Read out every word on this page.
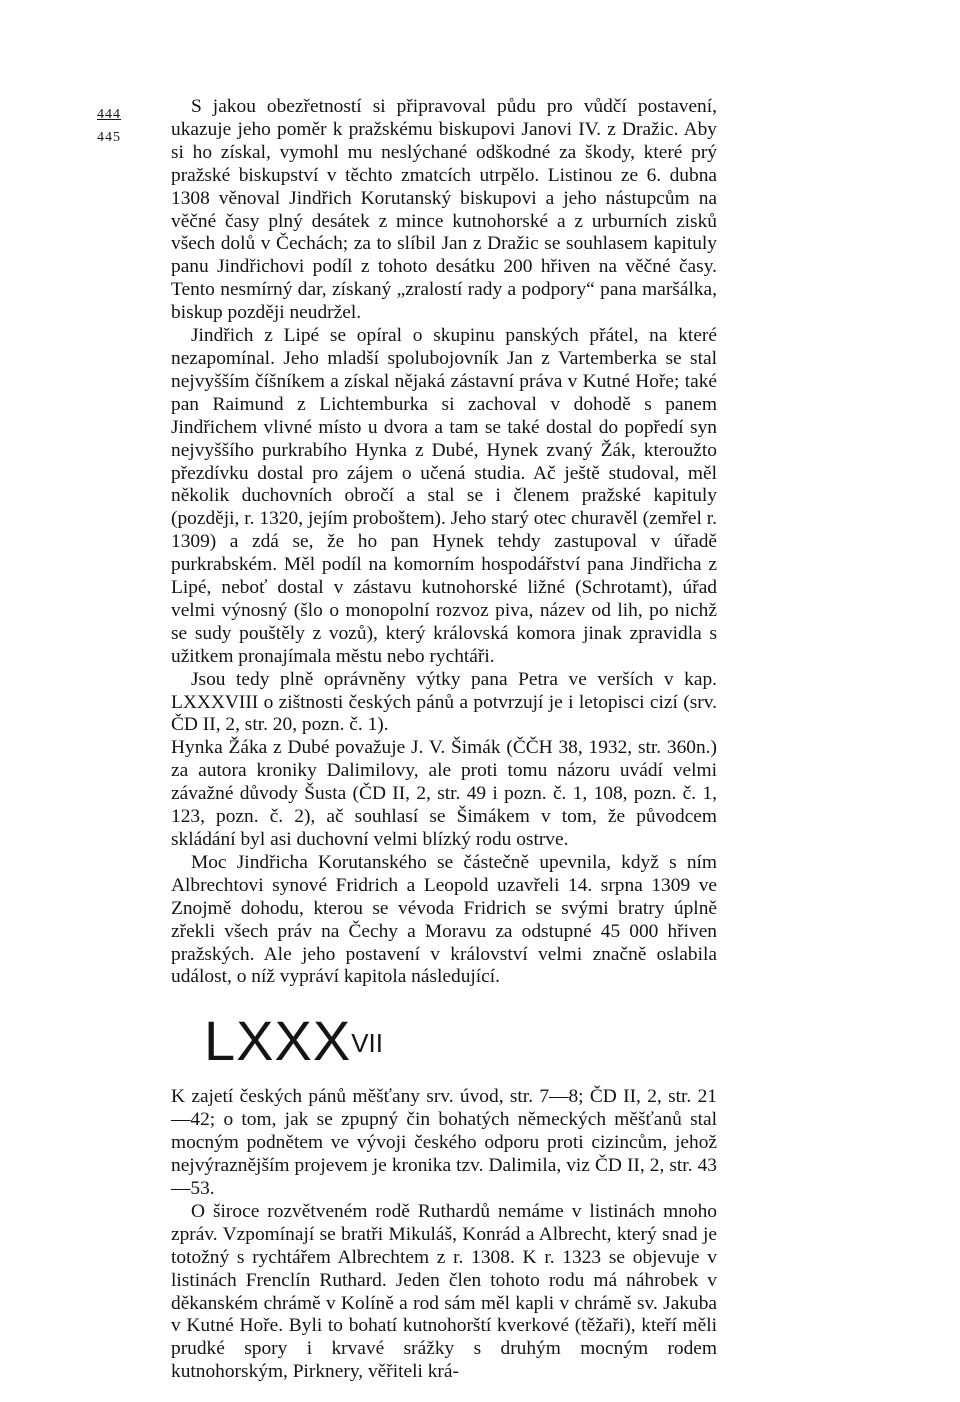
444
445

S jakou obezřetností si připravoval půdu pro vůdčí postavení, ukazuje jeho poměr k pražskému biskupovi Janovi IV. z Dražic. Aby si ho získal, vymohl mu neslýchané odškodné za škody, které prý pražské biskupství v těchto zmatcích utrpělo. Listinou ze 6. dubna 1308 věnoval Jindřich Korutanský biskupovi a jeho nástupcům na věčné časy plný desátek z mince kutnohorské a z urburních zisků všech dolů v Čechách; za to slíbil Jan z Dražic se souhlasem kapituly panu Jindřichovi podíl z tohoto desátku 200 hřiven na věčné časy. Tento nesmírný dar, získaný „zralostí rady a podpory“ pana maršálka, biskup později neudržel.

Jindřich z Lipé se opíral o skupinu panských přátel, na které nezapomínal. Jeho mladší spolubojovník Jan z Vartemberka se stal nejvyšším číšníkem a získal nějaká zástavní práva v Kutné Hoře; také pan Raimund z Lichtemburka si zachoval v dohodě s panem Jindřichem vlivné místo u dvora a tam se také dostal do popředí syn nejvyššího purkrabího Hynka z Dubé, Hynek zvaný Žák, kteroužto přezdívku dostal pro zájem o učená studia. Ač ještě studoval, měl několik duchovních obročí a stal se i členem pražské kapituly (později, r. 1320, jejím proboštem). Jeho starý otec churavěl (zemřel r. 1309) a zdá se, že ho pan Hynek tehdy zastupoval v úřadě purkrabském. Měl podíl na komorním hospodářství pana Jindřicha z Lipé, neboť dostal v zástavu kutnohorské ližné (Schrotamt), úřad velmi výnosný (šlo o monopolní rozvoz piva, název od lih, po nichž se sudy pouštěly z vozů), který královská komora jinak zpravidla s užitkem pronajímala městu nebo rychtáři.

Jsou tedy plně oprávněny výtky pana Petra ve verších v kap. LXXXVIII o zištnosti českých pánů a potvrzují je i letopisci cizí (srv. ČD II, 2, str. 20, pozn. č. 1).

Hynka Žáka z Dubé považuje J. V. Šimák (ČČH 38, 1932, str. 360n.) za autora kroniky Dalimilovy, ale proti tomu názoru uvádí velmi závažné důvody Šusta (ČD II, 2, str. 49 i pozn. č. 1, 108, pozn. č. 1, 123, pozn. č. 2), ač souhlasí se Šimákem v tom, že původcem skládání byl asi duchovní velmi blízký rodu ostrve.

Moc Jindřicha Korutanského se částečně upevnila, když s ním Albrechtovi synové Fridrich a Leopold uzavřeli 14. srpna 1309 ve Znojmě dohodu, kterou se vévoda Fridrich se svými bratry úplně zřekli všech práv na Čechy a Moravu za odstupné 45 000 hřiven pražských. Ale jeho postavení v království velmi značně oslabila událost, o níž vypráví kapitola následující.

$LXXX^{VII}$

K zajetí českých pánů měšťany srv. úvod, str. 7—8; ČD II, 2, str. 21—42; o tom, jak se zpupný čin bohatých německých měšťanů stal mocným podnětem ve vývoji českého odporu proti cizincům, jehož nejvýraznějším projevem je kronika tzv. Dalimila, viz ČD II, 2, str. 43—53.

O široce rozvětveném rodě Ruthardů nemáme v listinách mnoho zpráv. Vzpomínají se bratři Mikuláš, Konrád a Albrecht, který snad je totožný s rychtářem Albrechtem z r. 1308. K r. 1323 se objevuje v listinách Frenclín Ruthard. Jeden člen tohoto rodu má náhrobek v děkanském chrámě v Kolíně a rod sám měl kapli v chrámě sv. Jakuba v Kutné Hoře. Byli to bohatí kutnohorští kverkové (těžaři), kteří měli prudké spory i krvavé srážky s druhým mocným rodem kutnohorským, Pirknery, věřiteli krá-
